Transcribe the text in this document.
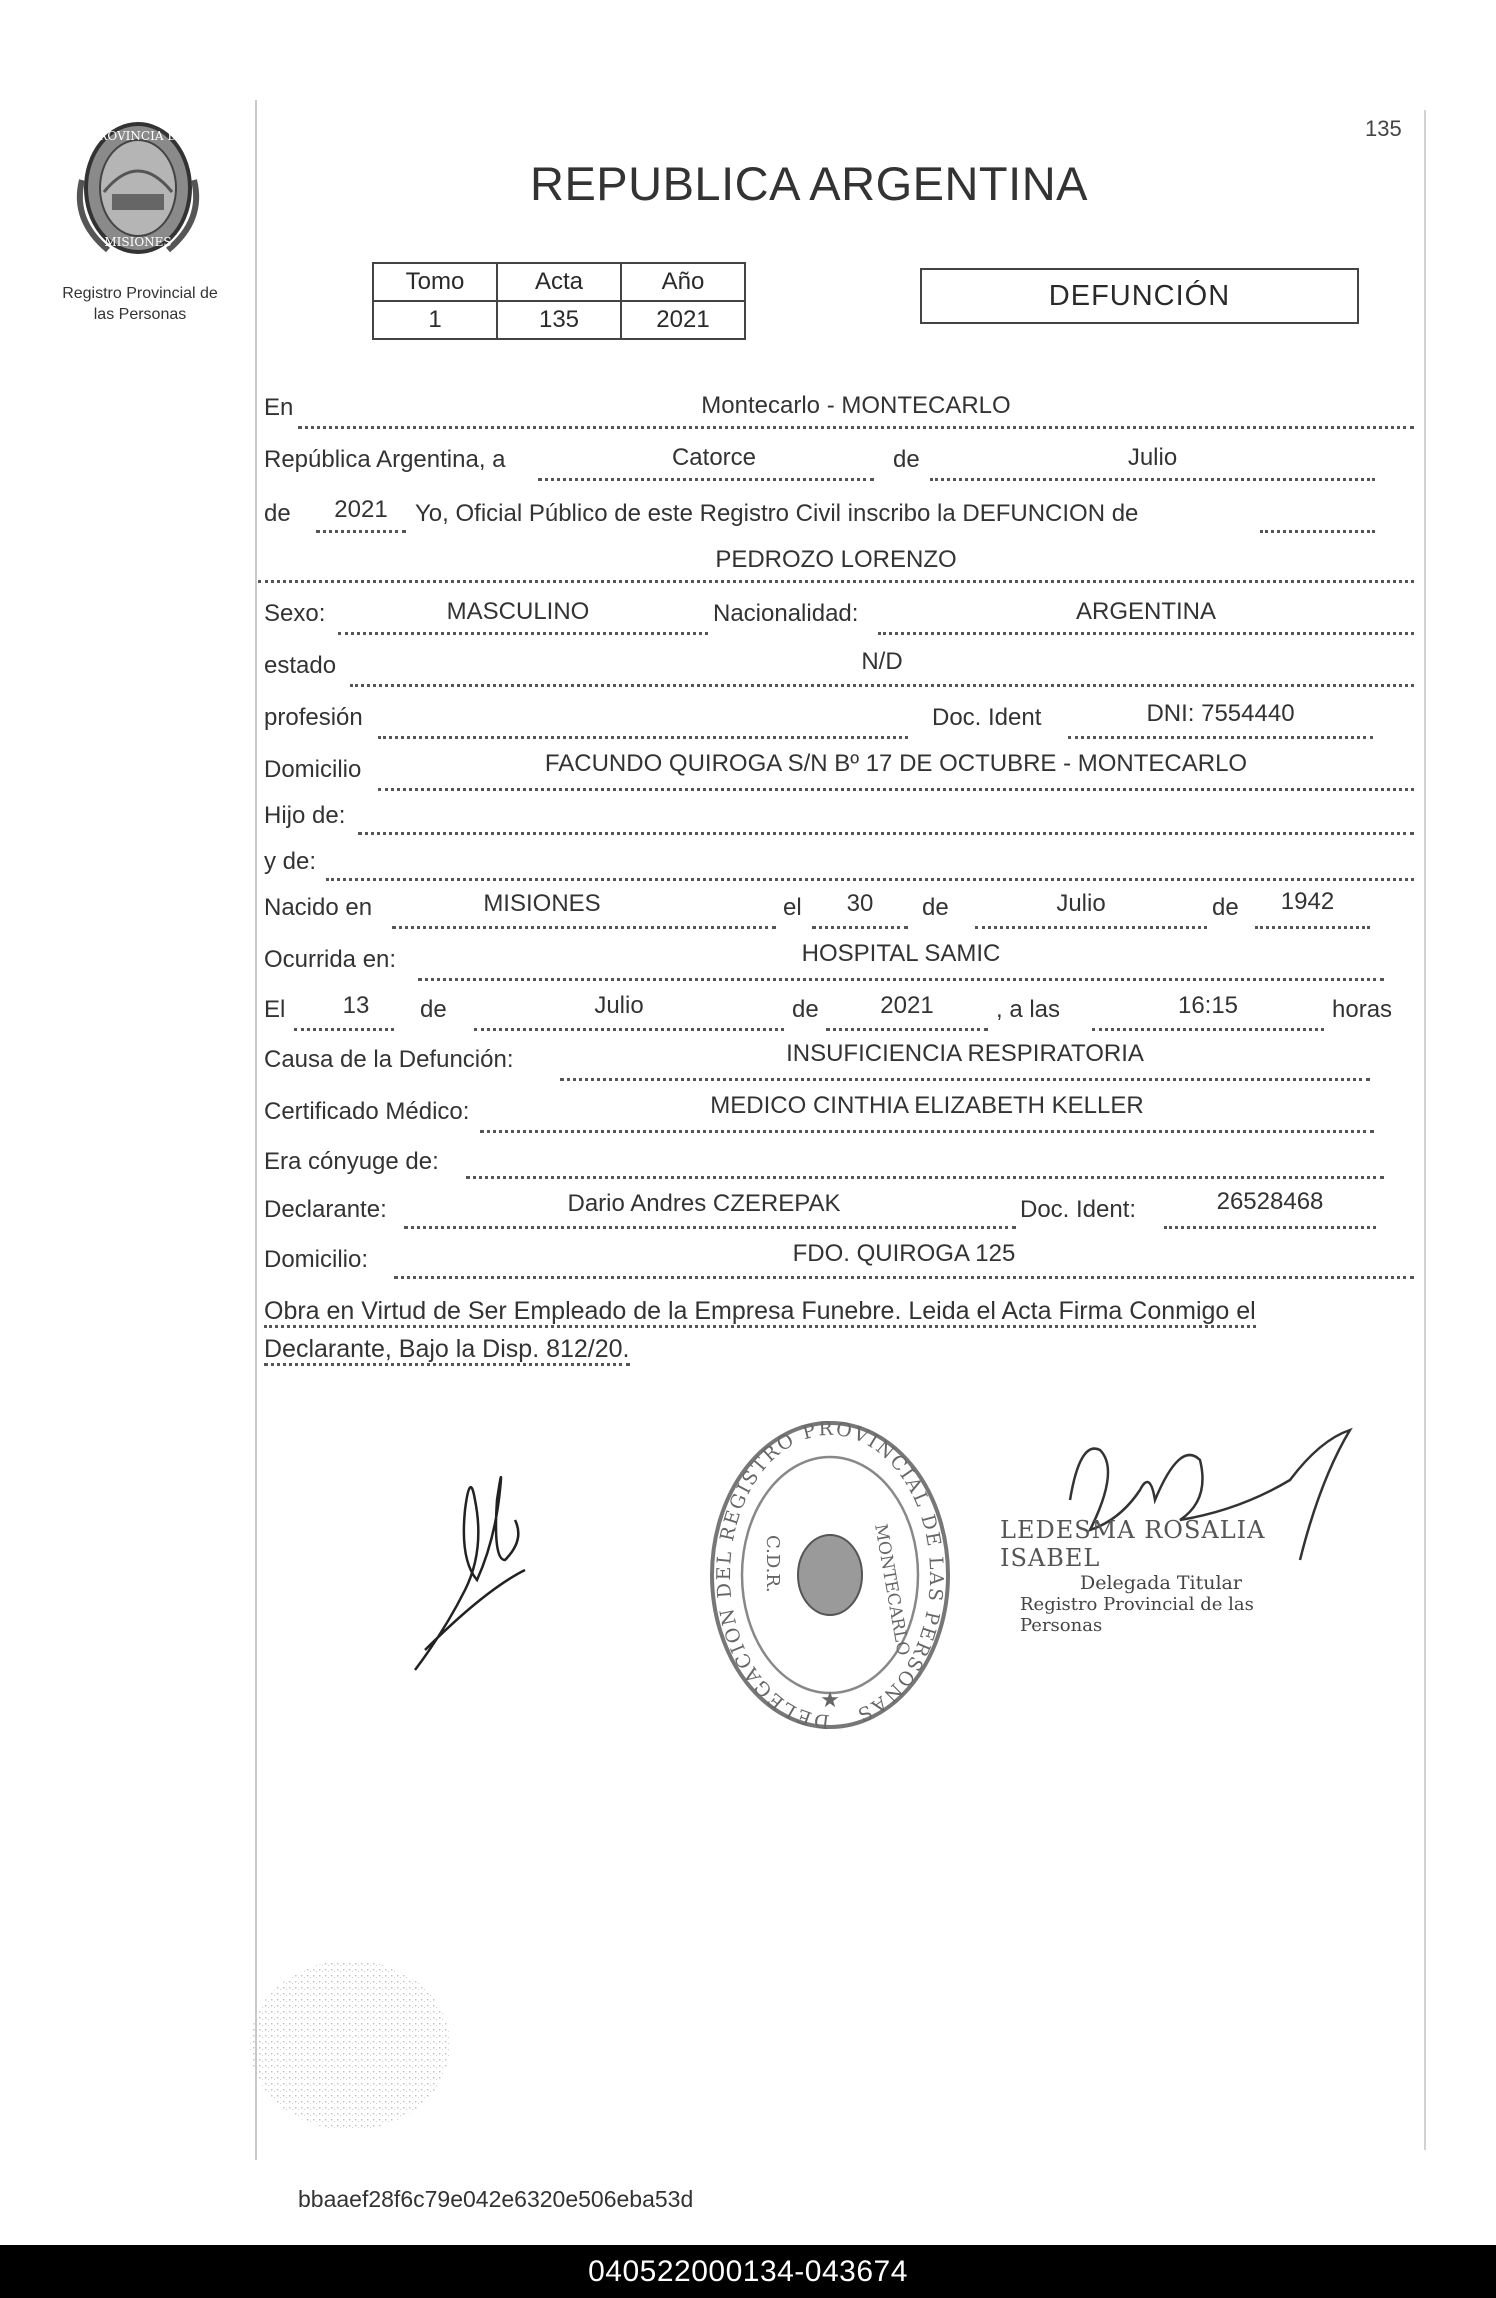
PROVINCIA DE
MISIONES
Registro Provincial de
las Personas
135
REPUBLICA ARGENTINA
Tomo	Acta	Año
1	135	2021
DEFUNCIÓN
En	Montecarlo - MONTECARLO
República Argentina, a	Catorce	de	Julio
de	2021	Yo, Oficial Público de este Registro Civil inscribo la DEFUNCION de
PEDROZO LORENZO
Sexo:	MASCULINO	Nacionalidad:	ARGENTINA
estado	N/D
profesión	Doc. Ident	DNI: 7554440
Domicilio	FACUNDO QUIROGA S/N Bº 17 DE OCTUBRE - MONTECARLO
Hijo de:
y de:
Nacido en	MISIONES	el	30	de	Julio	de	1942
Ocurrida en:	HOSPITAL SAMIC
El	13	de	Julio	de	2021	, a las	16:15	horas
Causa de la Defunción:	INSUFICIENCIA RESPIRATORIA
Certificado Médico:	MEDICO CINTHIA ELIZABETH KELLER
Era cónyuge de:
Declarante:	Dario Andres CZEREPAK	Doc. Ident:	26528468
Domicilio:	FDO. QUIROGA 125
Obra en Virtud de Ser Empleado de la Empresa Funebre. Leida el Acta Firma Conmigo el
Declarante, Bajo la Disp. 812/20.
DELEGACION DEL REGISTRO PROVINCIAL DE LAS PERSONAS
C.D.R.	MONTECARLO
★
LEDESMA ROSALIA ISABEL
Delegada Titular
Registro Provincial de las Personas
bbaaef28f6c79e042e6320e506eba53d
040522000134-043674
